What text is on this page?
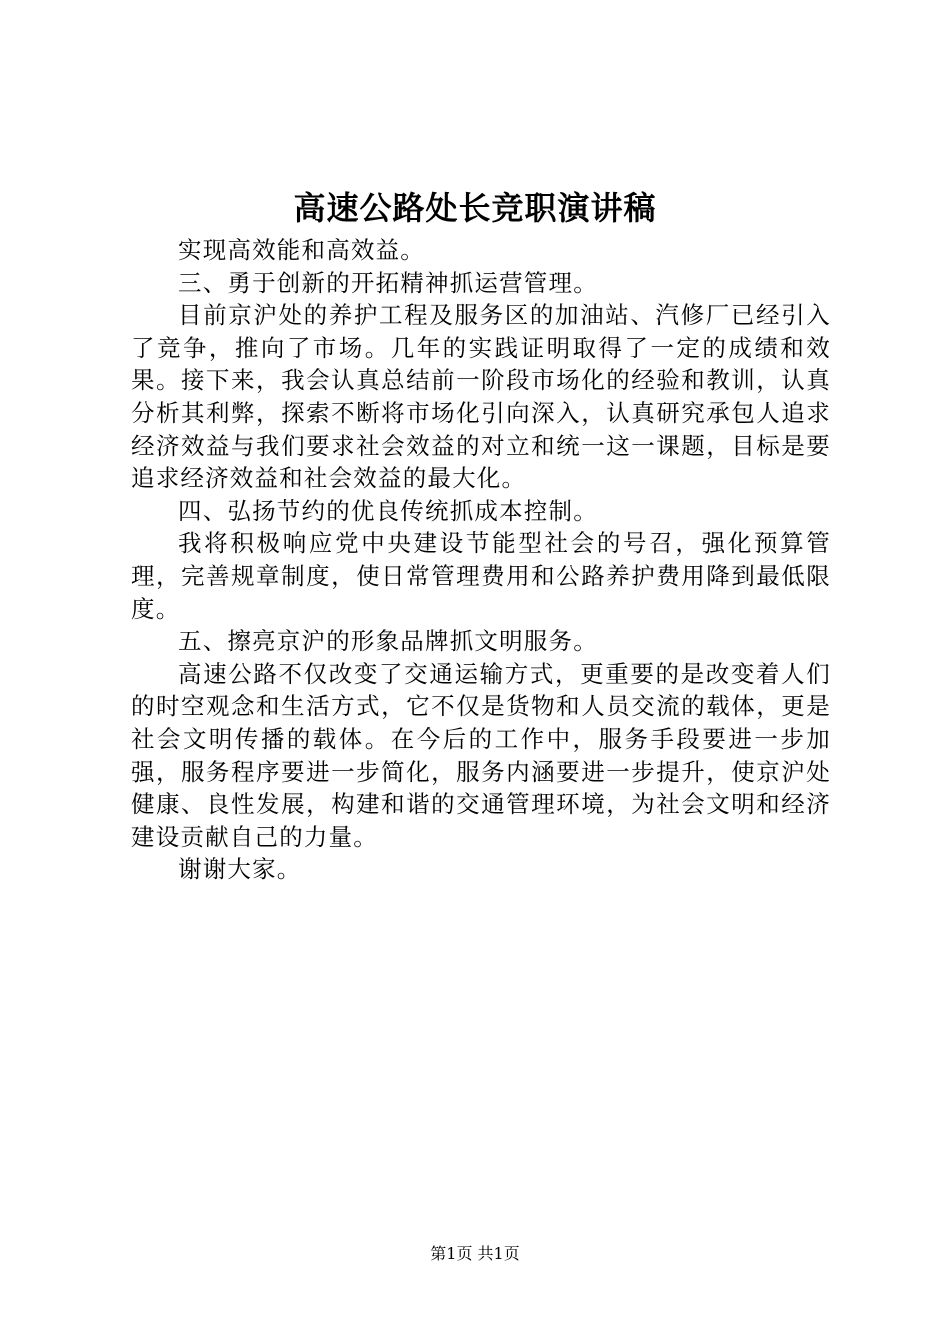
高速公路处长竞职演讲稿

实现高效能和高效益。

三、勇于创新的开拓精神抓运营管理。

目前京沪处的养护工程及服务区的加油站、汽修厂已经引入了竞争，推向了市场。几年的实践证明取得了一定的成绩和效果。接下来，我会认真总结前一阶段市场化的经验和教训，认真分析其利弊，探索不断将市场化引向深入，认真研究承包人追求经济效益与我们要求社会效益的对立和统一这一课题，目标是要追求经济效益和社会效益的最大化。

四、弘扬节约的优良传统抓成本控制。

我将积极响应党中央建设节能型社会的号召，强化预算管理，完善规章制度，使日常管理费用和公路养护费用降到最低限度。

五、擦亮京沪的形象品牌抓文明服务。

高速公路不仅改变了交通运输方式，更重要的是改变着人们的时空观念和生活方式，它不仅是货物和人员交流的载体，更是社会文明传播的载体。在今后的工作中，服务手段要进一步加强，服务程序要进一步简化，服务内涵要进一步提升，使京沪处健康、良性发展，构建和谐的交通管理环境，为社会文明和经济建设贡献自己的力量。

谢谢大家。

第1页 共1页
